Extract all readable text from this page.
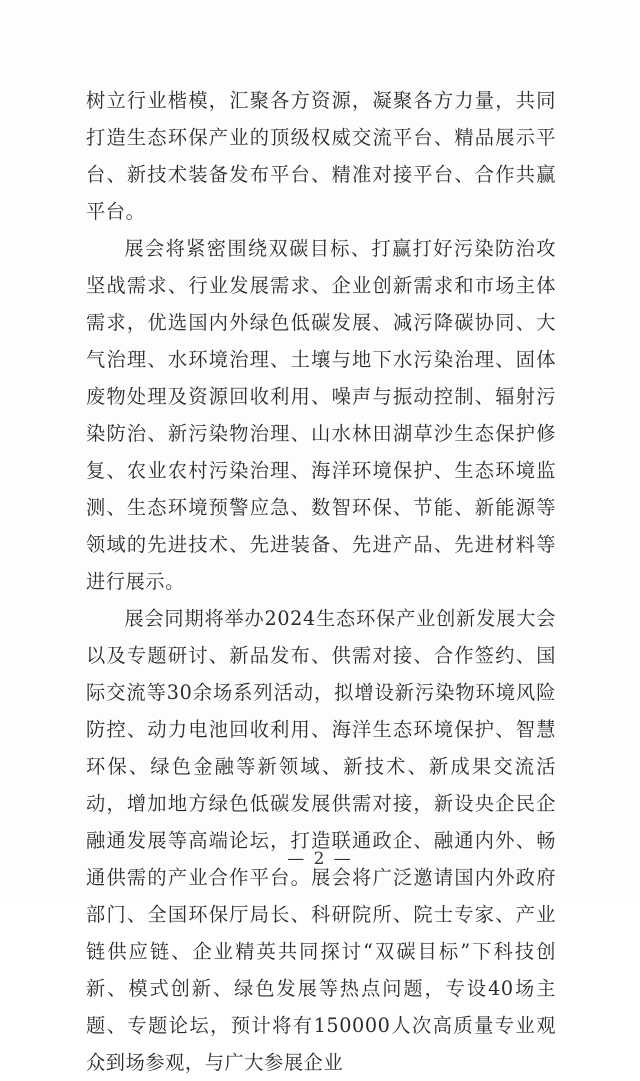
树立行业楷模，汇聚各方资源，凝聚各方力量，共同打造生态环保产业的顶级权威交流平台、精品展示平台、新技术装备发布平台、精准对接平台、合作共赢平台。

展会将紧密围绕双碳目标、打赢打好污染防治攻坚战需求、行业发展需求、企业创新需求和市场主体需求，优选国内外绿色低碳发展、减污降碳协同、大气治理、水环境治理、土壤与地下水污染治理、固体废物处理及资源回收利用、噪声与振动控制、辐射污染防治、新污染物治理、山水林田湖草沙生态保护修复、农业农村污染治理、海洋环境保护、生态环境监测、生态环境预警应急、数智环保、节能、新能源等领域的先进技术、先进装备、先进产品、先进材料等进行展示。

展会同期将举办2024生态环保产业创新发展大会以及专题研讨、新品发布、供需对接、合作签约、国际交流等30余场系列活动，拟增设新污染物环境风险防控、动力电池回收利用、海洋生态环境保护、智慧环保、绿色金融等新领域、新技术、新成果交流活动，增加地方绿色低碳发展供需对接，新设央企民企融通发展等高端论坛，打造联通政企、融通内外、畅通供需的产业合作平台。展会将广泛邀请国内外政府部门、全国环保厅局长、科研院所、院士专家、产业链供应链、企业精英共同探讨“双碳目标”下科技创新、模式创新、绿色发展等热点问题，专设40场主题、专题论坛，预计将有150000人次高质量专业观众到场参观，与广大参展企业

— 2 —
